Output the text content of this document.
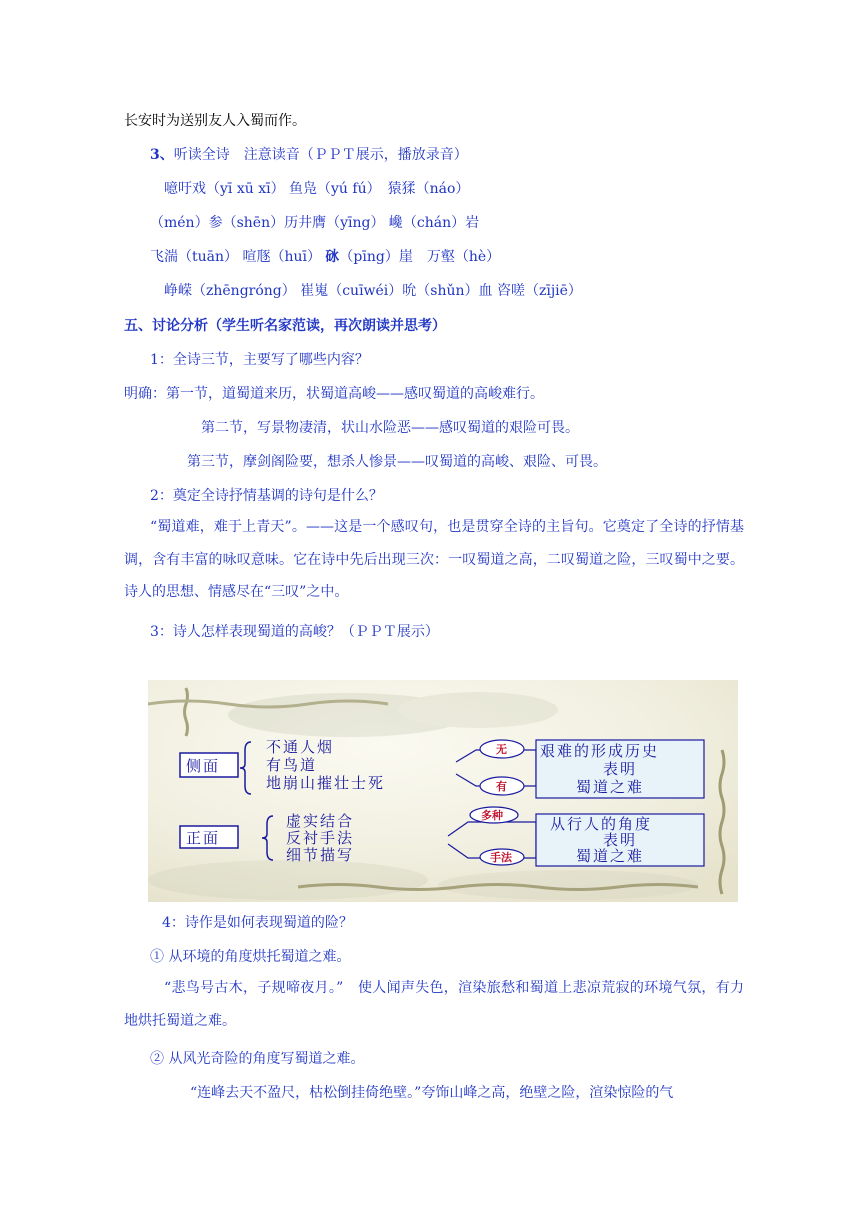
长安时为送别友人入蜀而作。
3、听读全诗　注意读音（ＰＰＴ展示，播放录音）
噫吁戏（yī xū xī） 鱼凫（yú fú）　猿猱（náo）
（mén）参（shēn）历井膺（yīng） 巉（chán）岩
飞湍（tuān） 喧豗（huī） 砯（pīng）崖　万壑（hè）
峥嵘（zhēngróng） 崔嵬（cuīwéi）吮（shǔn）血 咨嗟（zījiē）
五、讨论分析（学生听名家范读，再次朗读并思考）
1：全诗三节，主要写了哪些内容？
明确：第一节，道蜀道来历，状蜀道高峻——感叹蜀道的高峻难行。
第二节，写景物凄清，状山水险恶——感叹蜀道的艰险可畏。
第三节，摩剑阁险要，想杀人惨景——叹蜀道的高峻、艰险、可畏。
2：奠定全诗抒情基调的诗句是什么？
“蜀道难，难于上青天”。——这是一个感叹句，也是贯穿全诗的主旨句。它奠定了全诗的抒情基调，含有丰富的咏叹意味。它在诗中先后出现三次：一叹蜀道之高，二叹蜀道之险，三叹蜀中之要。诗人的思想、情感尽在“三叹”之中。
3：诗人怎样表现蜀道的高峻？（ＰＰＴ展示）
侧面
不通人烟
有鸟道
地崩山摧壮士死
无
有
艰难的形成历史
表明
蜀道之难
正面
虚实结合
反衬手法
细节描写
多种
手法
从行人的角度
表明
蜀道之难
4：诗作是如何表现蜀道的险？
① 从环境的角度烘托蜀道之难。
“悲鸟号古木，子规啼夜月。”　使人闻声失色，渲染旅愁和蜀道上悲凉荒寂的环境气氛，有力地烘托蜀道之难。
② 从风光奇险的角度写蜀道之难。
“连峰去天不盈尺，枯松倒挂倚绝壁。”夸饰山峰之高，绝壁之险，渲染惊险的气
